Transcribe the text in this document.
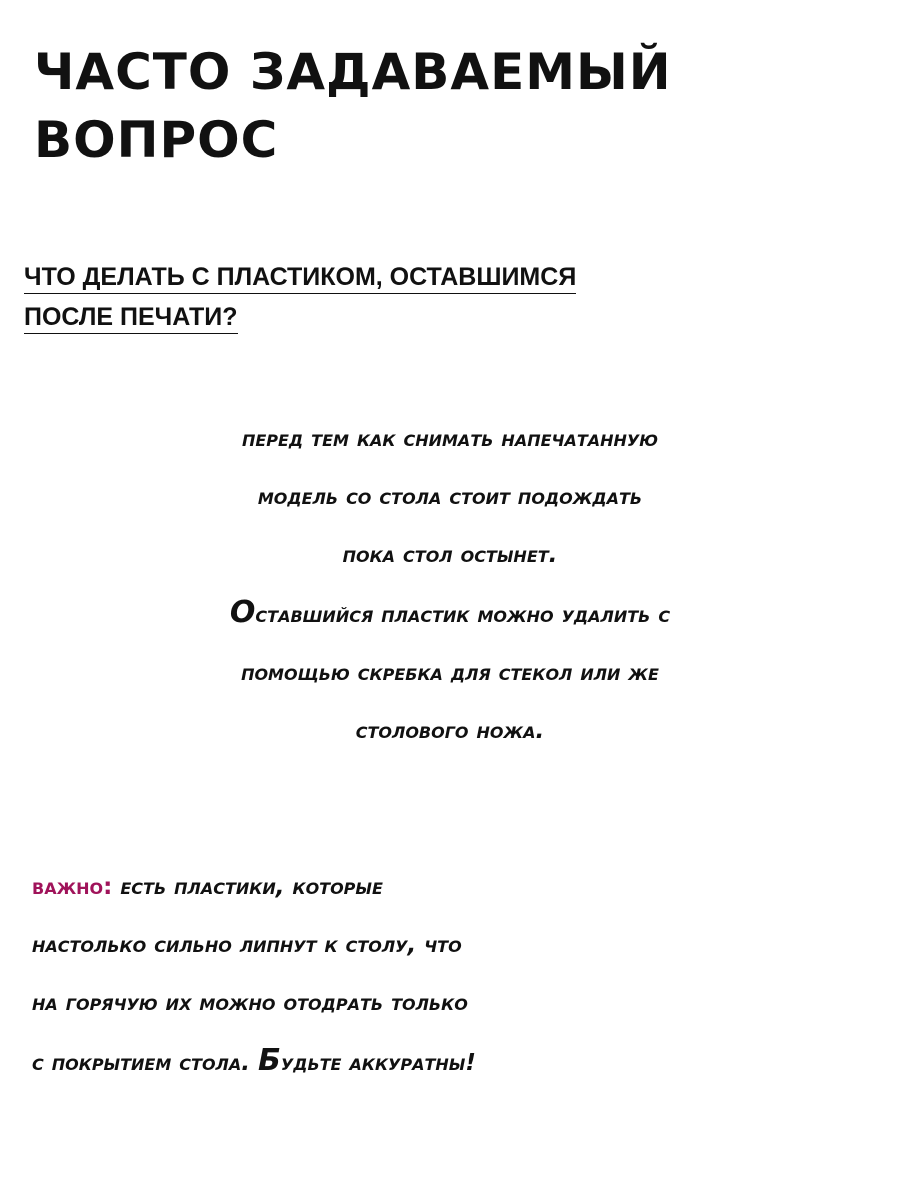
ЧАСТО ЗАДАВАЕМЫЙ
ВОПРОС
ЧТО ДЕЛАТЬ С ПЛАСТИКОМ, ОСТАВШИМСЯ
ПОСЛЕ ПЕЧАТИ?
перед тем как снимать напечатанную
модель со стола стоит подождать
пока стол остынет.
Оставшийся пластик можно удалить с
помощью скребка для стекол или же
столового ножа.
важно: есть пластики, которые
настолько сильно липнут к столу, что
на горячую их можно отодрать только
с покрытием стола. будьте аккуратны!
